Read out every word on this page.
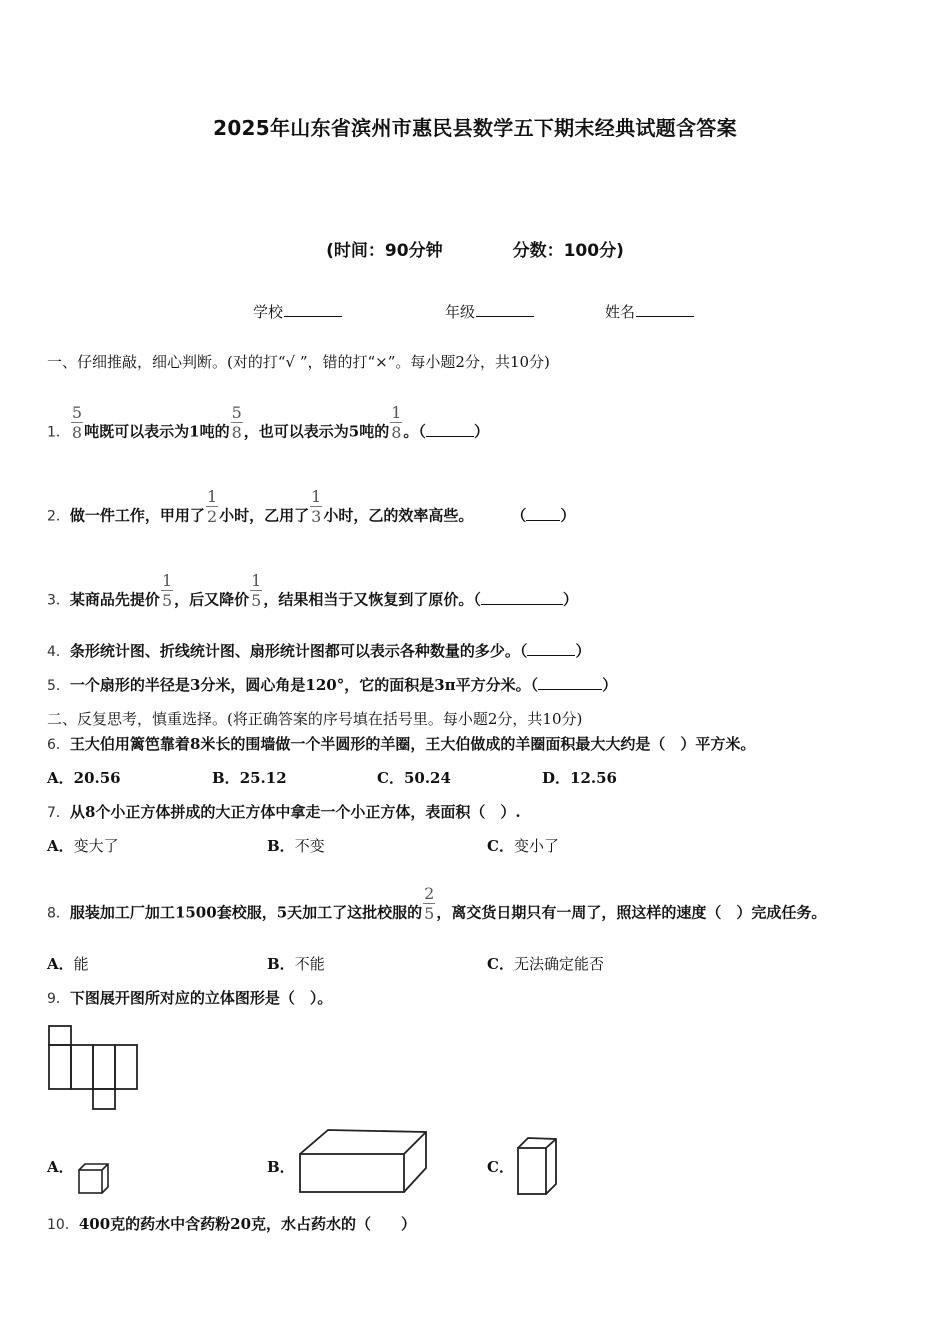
2025年山东省滨州市惠民县数学五下期末经典试题含答案
(时间：90分钟	分数：100分)
学校	年级	姓名
一、仔细推敲，细心判断。(对的打“√ ”，错的打“×”。每小题2分，共10分)
1． $\frac{5}{8}$ 吨既可以表示为1吨的 $\frac{5}{8}$ ，也可以表示为5吨的 $\frac{1}{8}$ 。（	）
2．做一件工作，甲用了 $\frac{1}{2}$ 小时，乙用了 $\frac{1}{3}$ 小时，乙的效率高些。	（ ）
3．某商品先提价 $\frac{1}{5}$ ，后又降价 $\frac{1}{5}$ ，结果相当于又恢复到了原价。（	）
4．条形统计图、折线统计图、扇形统计图都可以表示各种数量的多少。（	）
5．一个扇形的半径是3分米，圆心角是120°，它的面积是3π平方分米。（	）
二、反复思考，慎重选择。(将正确答案的序号填在括号里。每小题2分，共10分)
6．王大伯用篱笆靠着8米长的围墙做一个半圆形的羊圈，王大伯做成的羊圈面积最大大约是（　）平方米。
A．20.56	B．25.12	C．50.24	D．12.56
7．从8个小正方体拼成的大正方体中拿走一个小正方体，表面积（　）.
A．变大了	B．不变	C．变小了
8．服装加工厂加工1500套校服，5天加工了这批校服的 $\frac{2}{5}$ ，离交货日期只有一周了，照这样的速度（　）完成任务。
A．能	B．不能	C．无法确定能否
9．下图展开图所对应的立体图形是（　）。
A．	B．	C．
10．400克的药水中含药粉20克，水占药水的（　　）
